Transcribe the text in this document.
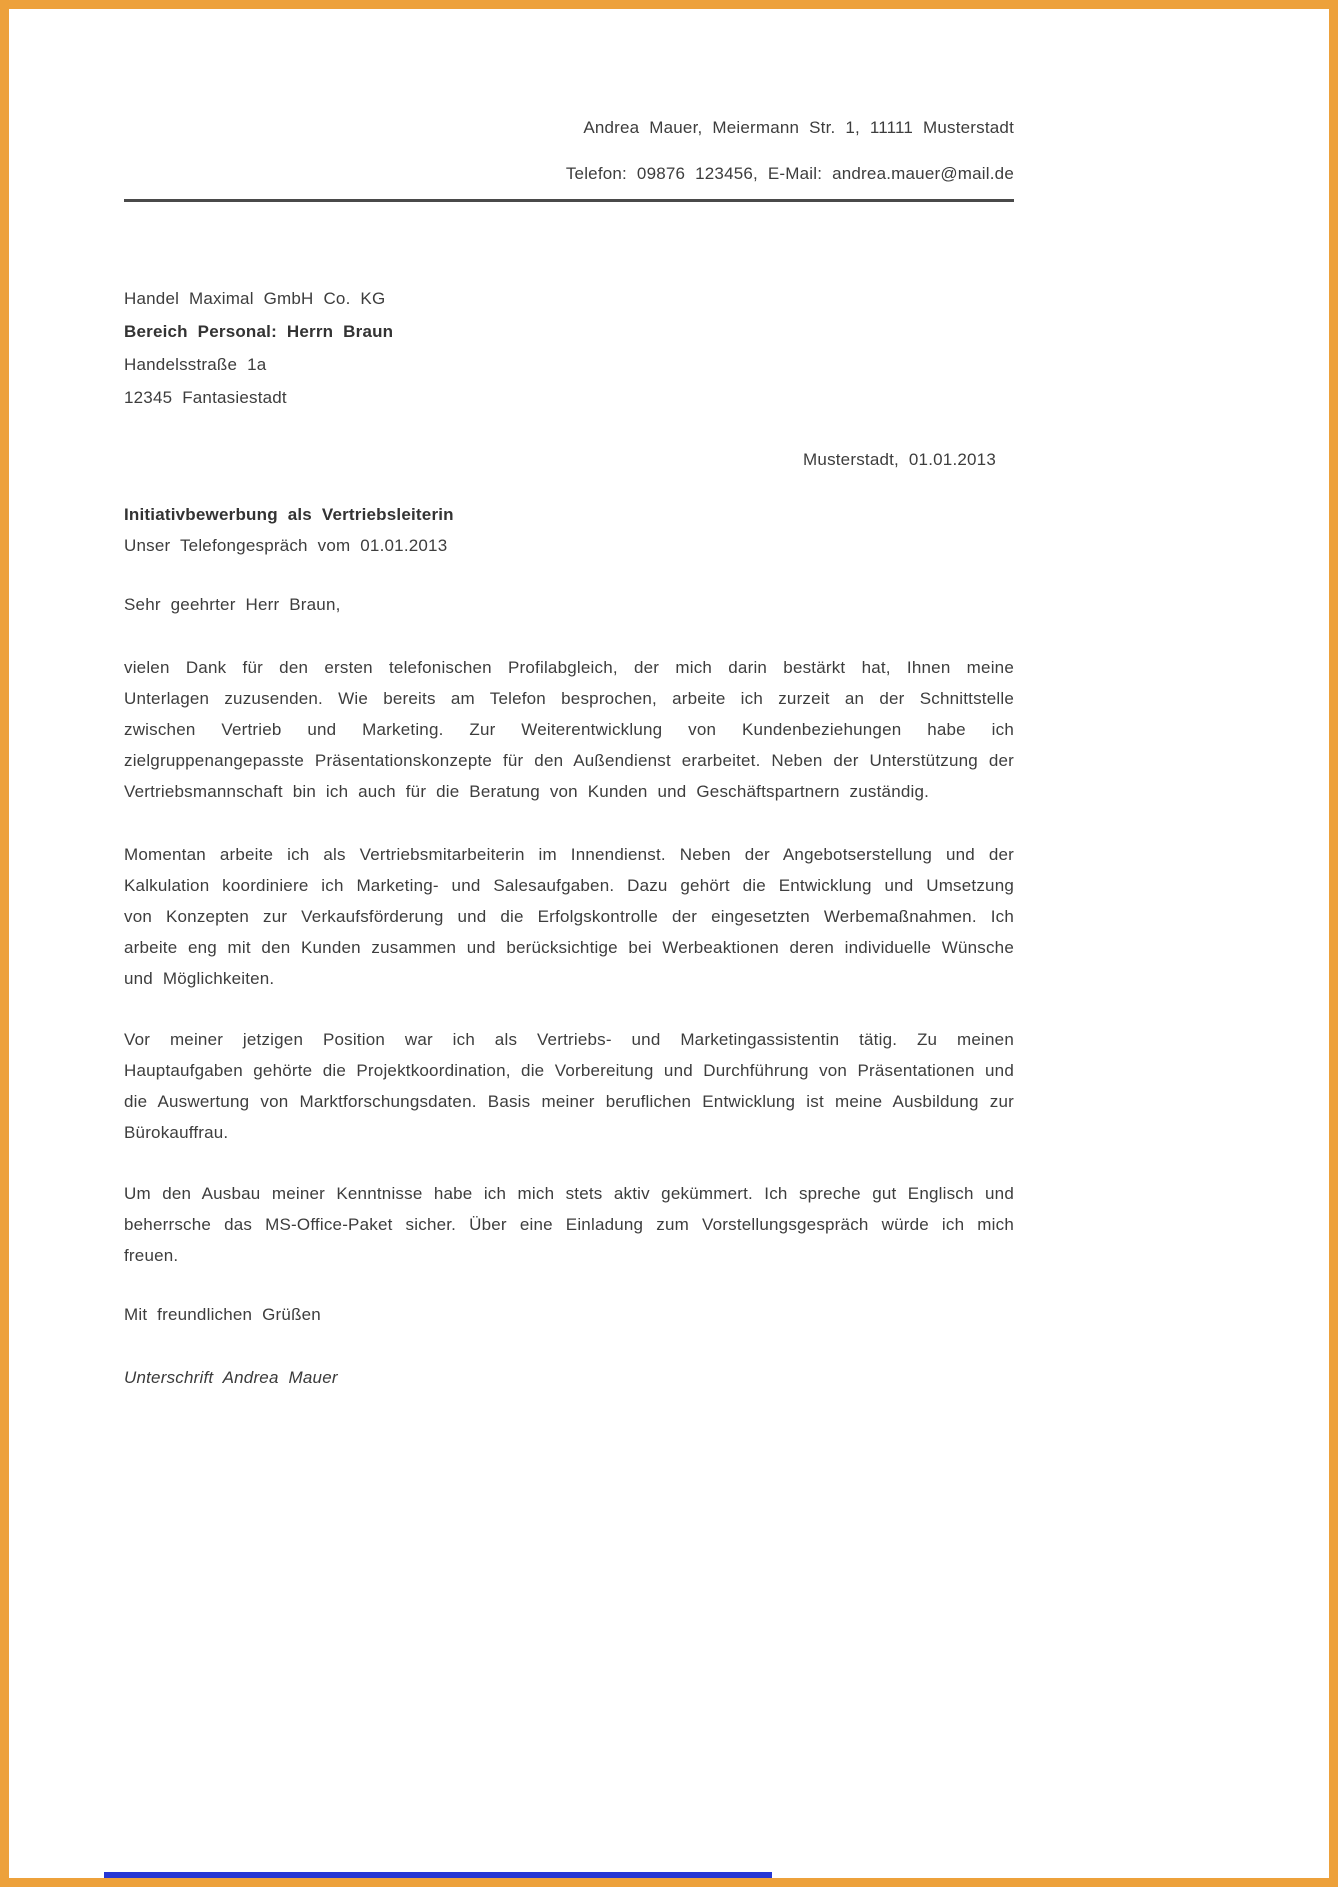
Andrea Mauer, Meiermann Str. 1, 11111 Musterstadt
Telefon: 09876 123456, E-Mail: andrea.mauer@mail.de
Handel Maximal GmbH Co. KG
Bereich Personal: Herrn Braun
Handelsstraße 1a
12345 Fantasiestadt
Musterstadt, 01.01.2013
Initiativbewerbung als Vertriebsleiterin
Unser Telefongespräch vom 01.01.2013

Sehr geehrter Herr Braun,

vielen Dank für den ersten telefonischen Profilabgleich, der mich darin bestärkt hat, Ihnen meine Unterlagen zuzusenden. Wie bereits am Telefon besprochen, arbeite ich zurzeit an der Schnittstelle zwischen Vertrieb und Marketing. Zur Weiterentwicklung von Kundenbeziehungen habe ich zielgruppenangepasste Präsentationskonzepte für den Außendienst erarbeitet. Neben der Unterstützung der Vertriebsmannschaft bin ich auch für die Beratung von Kunden und Geschäftspartnern zuständig.

Momentan arbeite ich als Vertriebsmitarbeiterin im Innendienst. Neben der Angebotserstellung und der Kalkulation koordiniere ich Marketing- und Salesaufgaben. Dazu gehört die Entwicklung und Umsetzung von Konzepten zur Verkaufsförderung und die Erfolgskontrolle der eingesetzten Werbemaßnahmen. Ich arbeite eng mit den Kunden zusammen und berücksichtige bei Werbeaktionen deren individuelle Wünsche und Möglichkeiten.

Vor meiner jetzigen Position war ich als Vertriebs- und Marketingassistentin tätig. Zu meinen Hauptaufgaben gehörte die Projektkoordination, die Vorbereitung und Durchführung von Präsentationen und die Auswertung von Marktforschungsdaten. Basis meiner beruflichen Entwicklung ist meine Ausbildung zur Bürokauffrau.

Um den Ausbau meiner Kenntnisse habe ich mich stets aktiv gekümmert. Ich spreche gut Englisch und beherrsche das MS-Office-Paket sicher. Über eine Einladung zum Vorstellungsgespräch würde ich mich freuen.

Mit freundlichen Grüßen

Unterschrift Andrea Mauer
